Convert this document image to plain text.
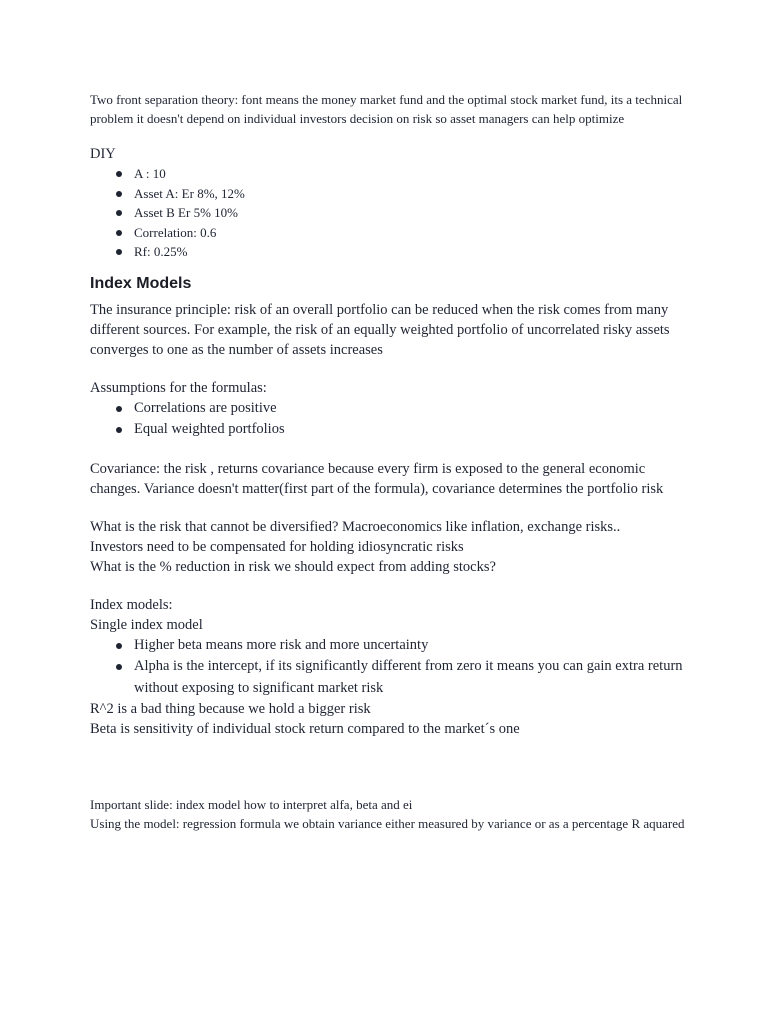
Two front separation theory: font means the money market fund and the optimal stock market fund, its a technical problem it doesn't depend on individual investors decision on risk so asset managers can help optimize

DIY

A : 10
Asset A: Er 8%, 12%
Asset B Er 5% 10%
Correlation: 0.6
Rf: 0.25%
Index Models

The insurance principle: risk of an overall portfolio can be reduced when the risk comes from many different sources. For example, the risk of an equally weighted portfolio of uncorrelated risky assets converges to one as the number of assets increases

Assumptions for the formulas:

Correlations are positive
Equal weighted portfolios

Covariance: the risk , returns covariance because every firm is exposed to the general economic changes. Variance doesn't matter(first part of the formula), covariance determines the portfolio risk

What is the risk that cannot be diversified? Macroeconomics like inflation, exchange risks..

Investors need to be compensated for holding idiosyncratic risks

What is the % reduction in risk we should expect from adding stocks?

Index models:

Single index model

Higher beta means more risk and more uncertainty
Alpha is the intercept, if its significantly different from zero it means you can gain extra return without exposing to significant market risk

R^2 is a bad thing because we hold a bigger risk

Beta is sensitivity of individual stock return compared to the market´s one

Important slide: index model how to interpret alfa, beta and ei

Using the model: regression formula we obtain variance either measured by variance or as a percentage R aquared
